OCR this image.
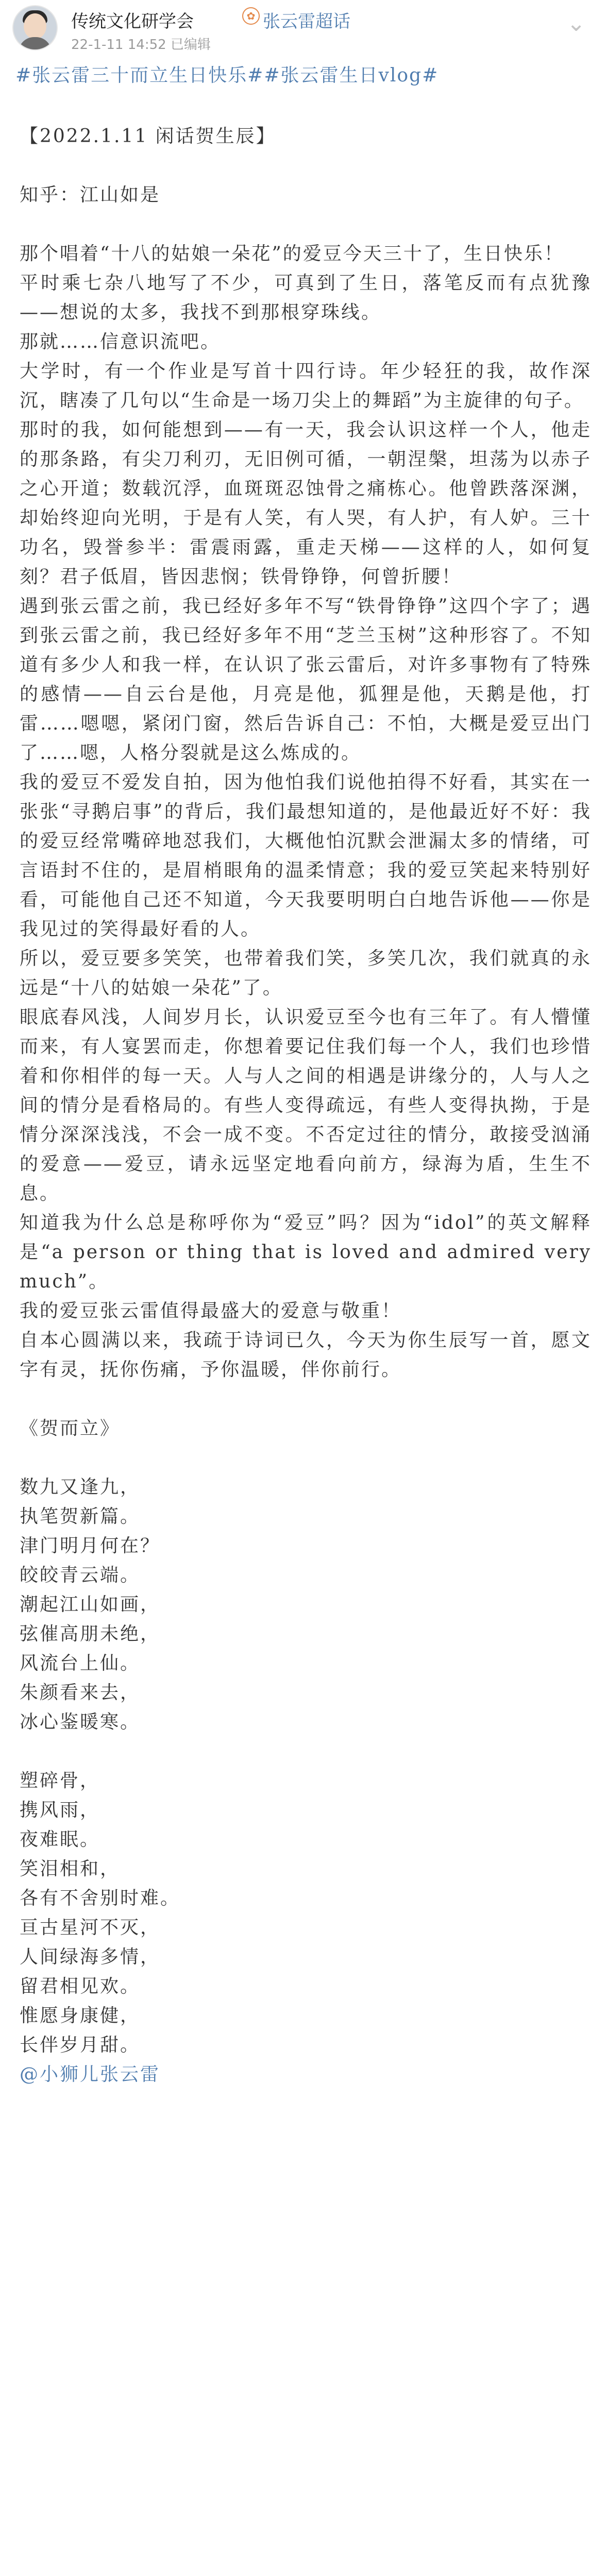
传统文化研学会	✿ 张云雷超话
22-1-11 14:52 已编辑
⌄
#张云雷三十而立生日快乐##张云雷生日vlog#

【2022.1.11 闲话贺生辰】

知乎：江山如是

那个唱着“十八的姑娘一朵花”的爱豆今天三十了，生日快乐！

平时乘七杂八地写了不少，可真到了生日，落笔反而有点犹豫——想说的太多，我找不到那根穿珠线。

那就……信意识流吧。

大学时，有一个作业是写首十四行诗。年少轻狂的我，故作深沉，瞎凑了几句以“生命是一场刀尖上的舞蹈”为主旋律的句子。

那时的我，如何能想到——有一天，我会认识这样一个人，他走的那条路，有尖刀利刃，无旧例可循，一朝涅槃，坦荡为以赤子之心开道；数载沉浮，血斑斑忍蚀骨之痛栋心。他曾跌落深渊，却始终迎向光明，于是有人笑，有人哭，有人护，有人妒。三十功名，毁誉参半：雷震雨露，重走天梯——这样的人，如何复刻？君子低眉，皆因悲悯；铁骨铮铮，何曾折腰！

遇到张云雷之前，我已经好多年不写“铁骨铮铮”这四个字了；遇到张云雷之前，我已经好多年不用“芝兰玉树”这种形容了。不知道有多少人和我一样，在认识了张云雷后，对许多事物有了特殊的感情——自云台是他，月亮是他，狐狸是他，天鹅是他，打雷……嗯嗯，紧闭门窗，然后告诉自己：不怕，大概是爱豆出门了……嗯，人格分裂就是这么炼成的。

我的爱豆不爱发自拍，因为他怕我们说他拍得不好看，其实在一张张“寻鹅启事”的背后，我们最想知道的，是他最近好不好：我的爱豆经常嘴碎地怼我们，大概他怕沉默会泄漏太多的情绪，可言语封不住的，是眉梢眼角的温柔情意；我的爱豆笑起来特别好看，可能他自己还不知道，今天我要明明白白地告诉他——你是我见过的笑得最好看的人。

所以，爱豆要多笑笑，也带着我们笑，多笑几次，我们就真的永远是“十八的姑娘一朵花”了。

眼底春风浅，人间岁月长，认识爱豆至今也有三年了。有人懵懂而来，有人宴罢而走，你想着要记住我们每一个人，我们也珍惜着和你相伴的每一天。人与人之间的相遇是讲缘分的，人与人之间的情分是看格局的。有些人变得疏远，有些人变得执拗，于是情分深深浅浅，不会一成不变。不否定过往的情分，敢接受汹涌的爱意——爱豆，请永远坚定地看向前方，绿海为盾，生生不息。

知道我为什么总是称呼你为“爱豆”吗？因为“idol”的英文解释是“a person or thing that is loved and admired very much”。

我的爱豆张云雷值得最盛大的爱意与敬重！

自本心圆满以来，我疏于诗词已久，今天为你生辰写一首，愿文字有灵，抚你伤痛，予你温暖，伴你前行。

《贺而立》

数九又逢九，

执笔贺新篇。

津门明月何在？

皎皎青云端。

潮起江山如画，

弦催高朋未绝，

风流台上仙。

朱颜看来去，

冰心鉴暖寒。

塑碎骨，

携风雨，

夜难眠。

笑泪相和，

各有不舍别时难。

亘古星河不灭，

人间绿海多情，

留君相见欢。

惟愿身康健，

长伴岁月甜。

@小狮儿张云雷
